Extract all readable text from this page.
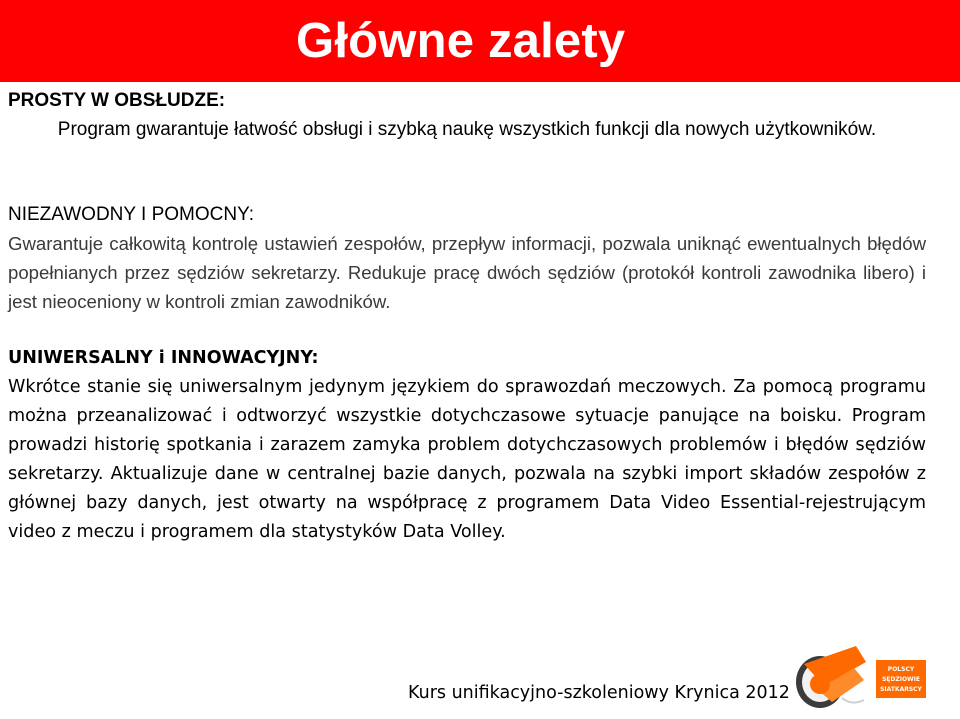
Główne zalety
PROSTY W OBSŁUDZE:
Program gwarantuje łatwość obsługi i szybką naukę wszystkich funkcji dla nowych użytkowników.
NIEZAWODNY I POMOCNY:
Gwarantuje całkowitą kontrolę ustawień zespołów, przepływ informacji, pozwala uniknąć ewentualnych błędów popełnianych przez sędziów sekretarzy. Redukuje pracę dwóch sędziów (protokół kontroli zawodnika libero) i jest nieoceniony w kontroli zmian zawodników.
UNIWERSALNY i INNOWACYJNY:
Wkrótce stanie się uniwersalnym jedynym językiem do sprawozdań meczowych. Za pomocą programu można przeanalizować i odtworzyć wszystkie dotychczasowe sytuacje panujące na boisku. Program prowadzi historię spotkania i zarazem zamyka problem dotychczasowych problemów i błędów sędziów sekretarzy. Aktualizuje dane w centralnej bazie danych, pozwala na szybki import składów zespołów z głównej bazy danych, jest otwarty na współpracę z programem Data Video Essential-rejestrującym video z meczu i programem dla statystyków Data Volley.
Kurs unifikacyjno-szkoleniowy Krynica 2012
POLSCY
SĘDZIOWIE
SIATKARSCY
